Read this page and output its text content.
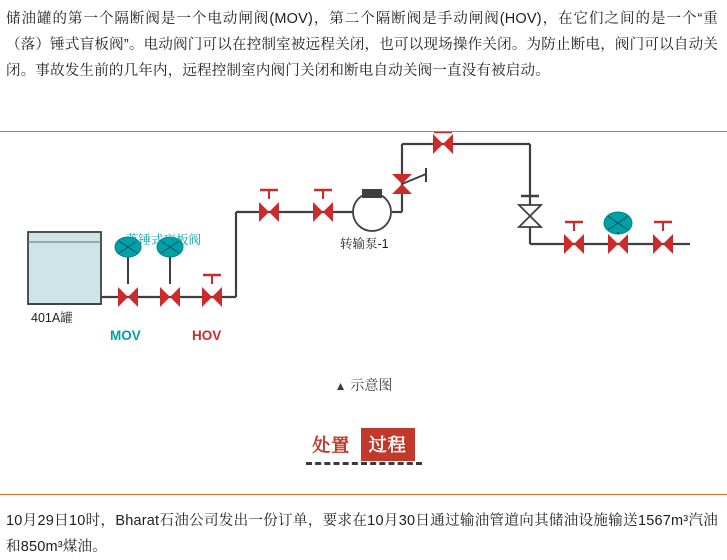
储油罐的第一个隔断阀是一个电动闸阀(MOV)，第二个隔断阀是手动闸阀(HOV)，在它们之间的是一个“重（落）锤式盲板阀”。电动阀门可以在控制室被远程关闭，也可以现场操作关闭。为防止断电，阀门可以自动关闭。事故发生前的几年内，远程控制室内阀门关闭和断电自动关阀一直没有被启动。
401A罐
MOV
落锤式盲板阀
HOV
转输泵-1
▲ 示意图
处置 过程
10月29日10时，Bharat石油公司发出一份订单，要求在10月30日通过输油管道向其储油设施输送1567m³汽油和850m³煤油。
